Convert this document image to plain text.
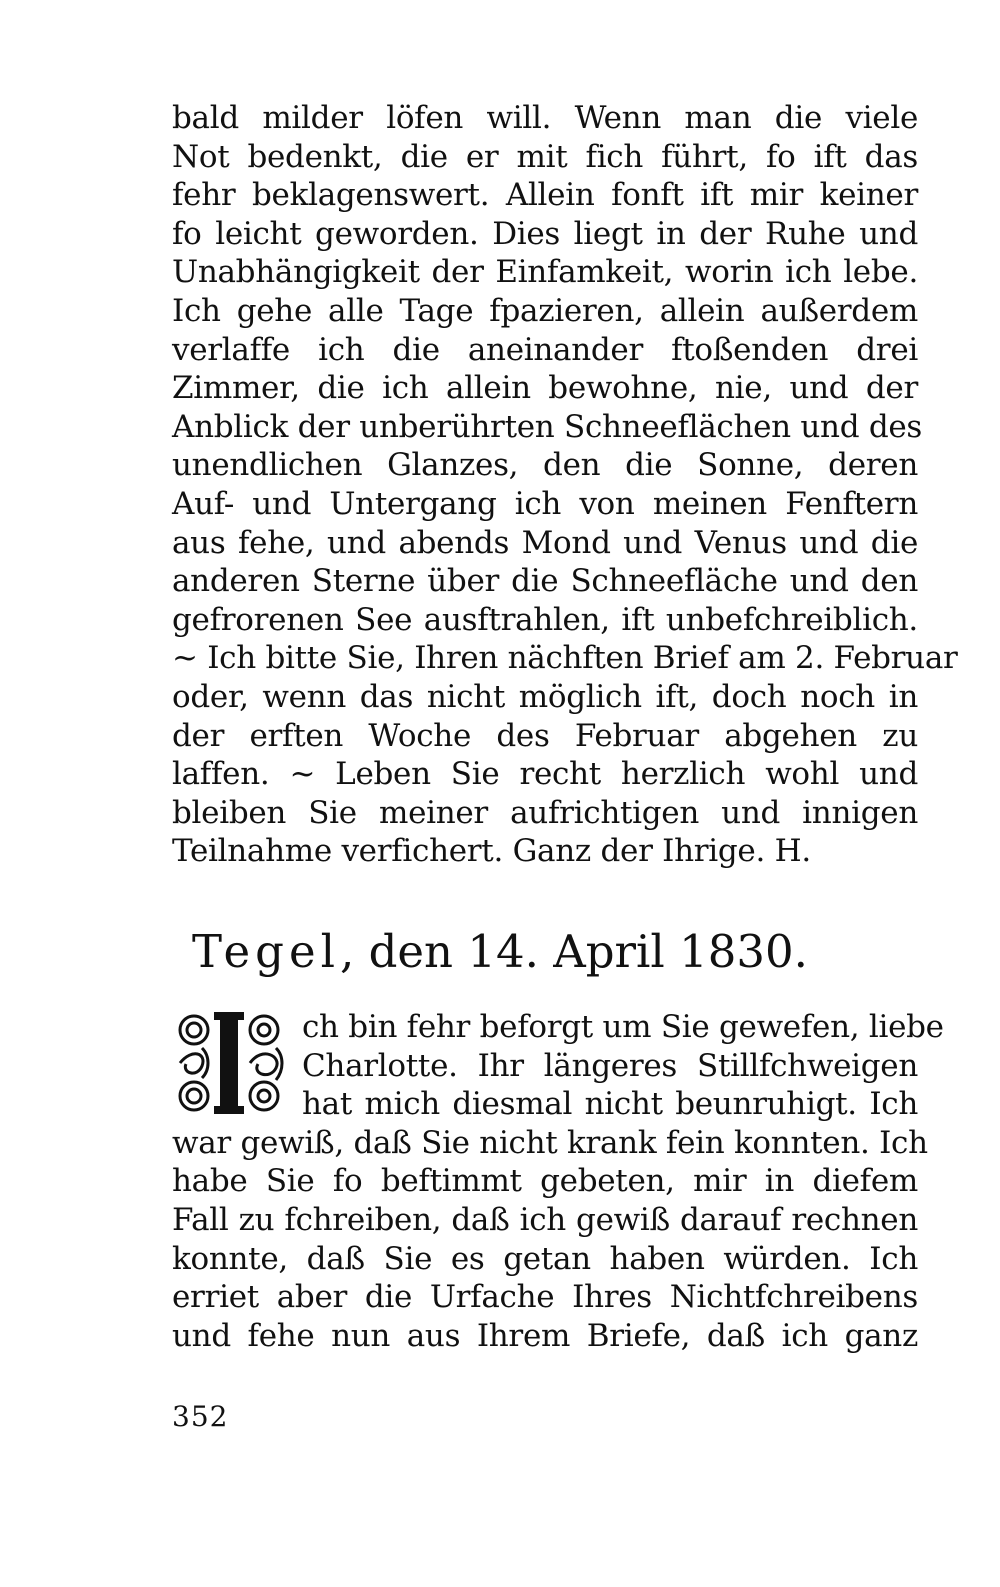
bald milder löfen will. Wenn man die viele
Not bedenkt, die er mit fich führt, fo ift das
fehr beklagenswert. Allein fonft ift mir keiner
fo leicht geworden. Dies liegt in der Ruhe und
Unabhängigkeit der Einfamkeit, worin ich lebe.
Ich gehe alle Tage fpazieren, allein außerdem
verlaffe ich die aneinander ftoßenden drei
Zimmer, die ich allein bewohne, nie, und der
Anblick der unberührten Schneeflächen und des
unendlichen Glanzes, den die Sonne, deren
Auf- und Untergang ich von meinen Fenftern
aus fehe, und abends Mond und Venus und die
anderen Sterne über die Schneefläche und den
gefrorenen See ausftrahlen, ift unbefchreiblich.
~ Ich bitte Sie, Ihren nächften Brief am 2. Februar
oder, wenn das nicht möglich ift, doch noch in
der erften Woche des Februar abgehen zu
laffen. ~ Leben Sie recht herzlich wohl und
bleiben Sie meiner aufrichtigen und innigen
Teilnahme verfichert. Ganz der Ihrige. H.
Tegel, den 14. April 1830.
ch bin fehr beforgt um Sie gewefen, liebe
Charlotte. Ihr längeres Stillfchweigen
hat mich diesmal nicht beunruhigt. Ich
war gewiß, daß Sie nicht krank fein konnten. Ich
habe Sie fo beftimmt gebeten, mir in diefem
Fall zu fchreiben, daß ich gewiß darauf rechnen
konnte, daß Sie es getan haben würden. Ich
erriet aber die Urfache Ihres Nichtfchreibens
und fehe nun aus Ihrem Briefe, daß ich ganz
352
